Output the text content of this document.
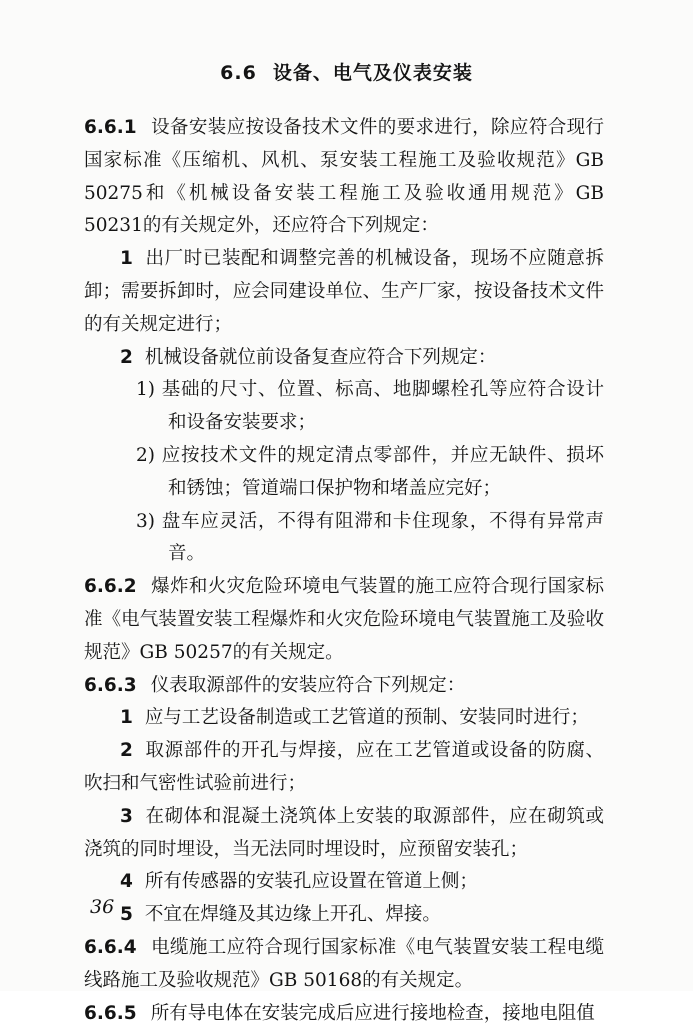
6.6 设备、电气及仪表安装

6.6.1 设备安装应按设备技术文件的要求进行，除应符合现行国家标准《压缩机、风机、泵安装工程施工及验收规范》GB 50275和《机械设备安装工程施工及验收通用规范》GB 50231的有关规定外，还应符合下列规定：

1 出厂时已装配和调整完善的机械设备，现场不应随意拆卸；需要拆卸时，应会同建设单位、生产厂家，按设备技术文件的有关规定进行；

2 机械设备就位前设备复查应符合下列规定：

1) 基础的尺寸、位置、标高、地脚螺栓孔等应符合设计和设备安装要求；

2) 应按技术文件的规定清点零部件，并应无缺件、损坏和锈蚀；管道端口保护物和堵盖应完好；

3) 盘车应灵活，不得有阻滞和卡住现象，不得有异常声音。

6.6.2 爆炸和火灾危险环境电气装置的施工应符合现行国家标准《电气装置安装工程爆炸和火灾危险环境电气装置施工及验收规范》GB 50257的有关规定。

6.6.3 仪表取源部件的安装应符合下列规定：

1 应与工艺设备制造或工艺管道的预制、安装同时进行；

2 取源部件的开孔与焊接，应在工艺管道或设备的防腐、吹扫和气密性试验前进行；

3 在砌体和混凝土浇筑体上安装的取源部件，应在砌筑或浇筑的同时埋设，当无法同时埋设时，应预留安装孔；

4 所有传感器的安装孔应设置在管道上侧；

5 不宜在焊缝及其边缘上开孔、焊接。

6.6.4 电缆施工应符合现行国家标准《电气装置安装工程电缆线路施工及验收规范》GB 50168的有关规定。

6.6.5 所有导电体在安装完成后应进行接地检查，接地电阻值

36
